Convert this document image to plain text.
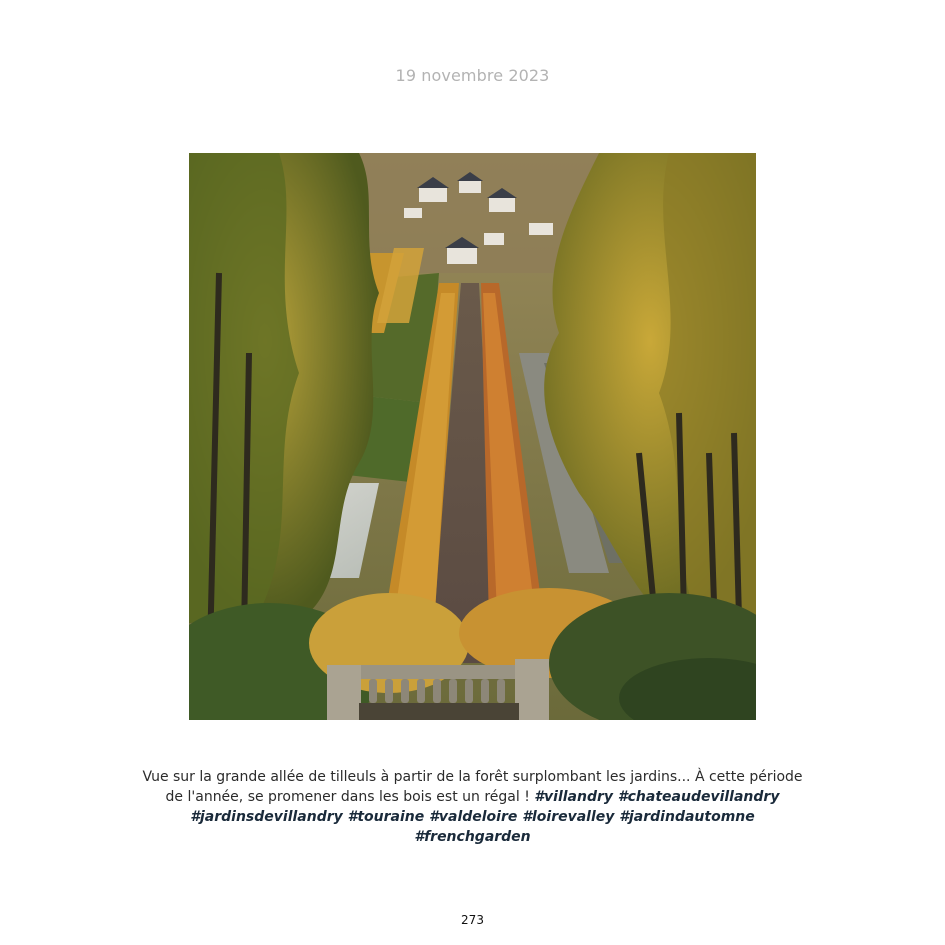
19 novembre 2023
Vue sur la grande allée de tilleuls à partir de la forêt surplombant les jardins... À cette période de l'année, se promener dans les bois est un régal ! #villandry #chateaudevillandry #jardinsdevillandry #touraine #valdeloire #loirevalley #jardindautomne #frenchgarden
273
